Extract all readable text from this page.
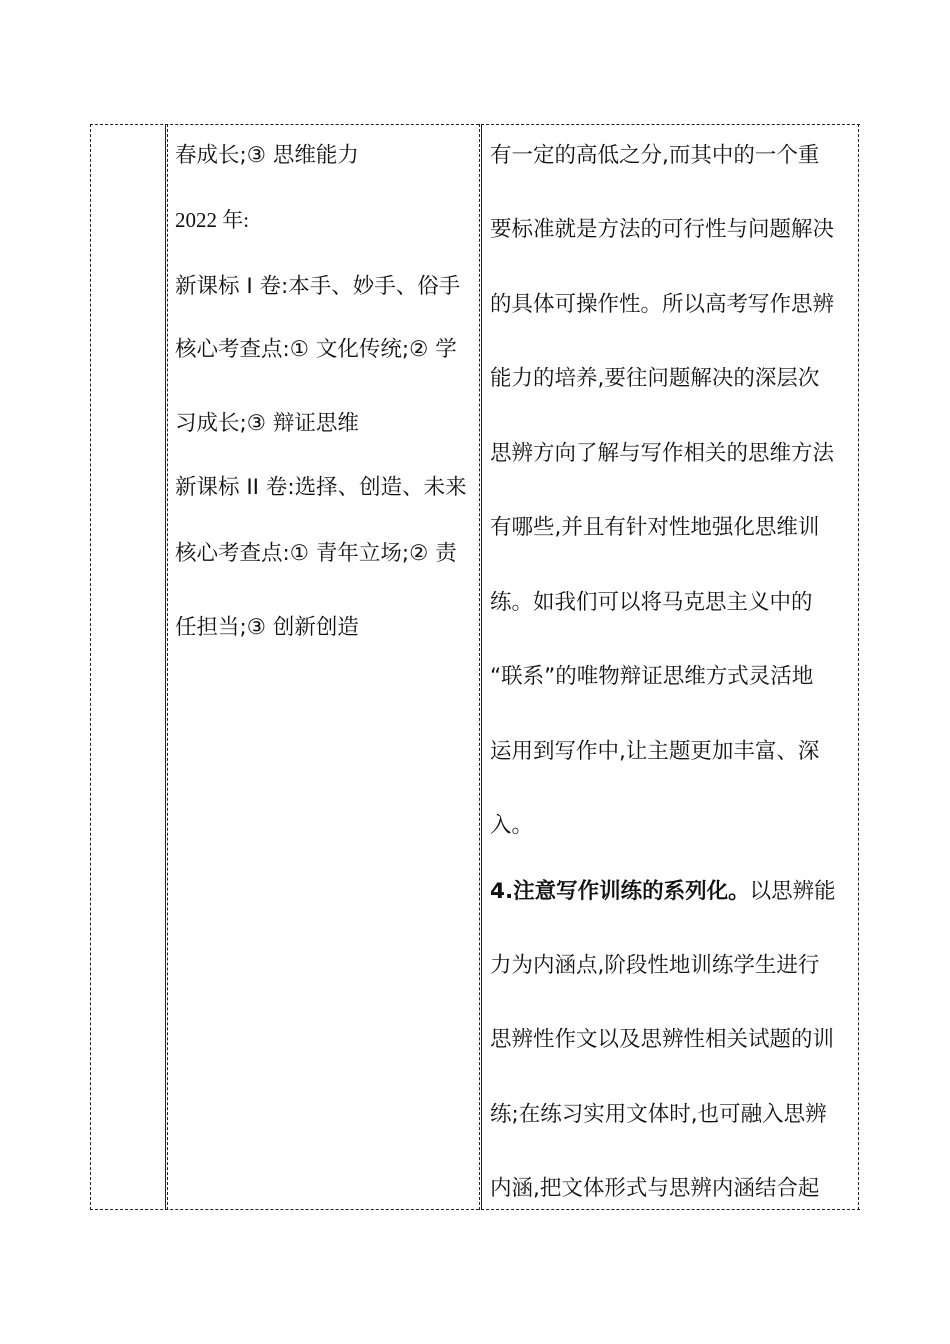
春成长;③ 思维能力
2022 年:
新课标 I 卷:本手、妙手、俗手
核心考查点:① 文化传统;② 学
习成长;③ 辩证思维
新课标 II 卷:选择、创造、未来
核心考查点:① 青年立场;② 责
任担当;③ 创新创造
有一定的高低之分,而其中的一个重
要标准就是方法的可行性与问题解决
的具体可操作性。所以高考写作思辨
能力的培养,要往问题解决的深层次
思辨方向了解与写作相关的思维方法
有哪些,并且有针对性地强化思维训
练。如我们可以将马克思主义中的
“联系”的唯物辩证思维方式灵活地
运用到写作中,让主题更加丰富、深
入。
4.注意写作训练的系列化。以思辨能
力为内涵点,阶段性地训练学生进行
思辨性作文以及思辨性相关试题的训
练;在练习实用文体时,也可融入思辨
内涵,把文体形式与思辨内涵结合起
